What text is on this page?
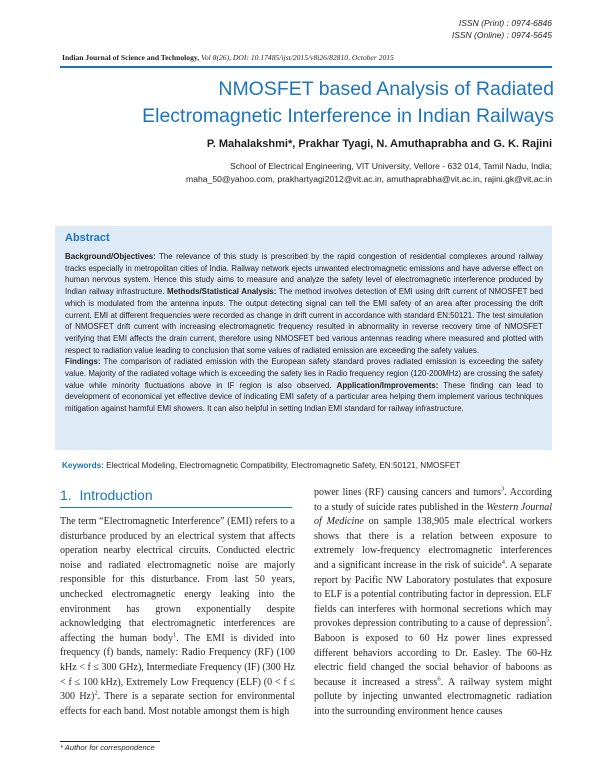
ISSN (Print) : 0974-6846
ISSN (Online) : 0974-5645
Indian Journal of Science and Technology, Vol 8(26), DOI: 10.17485/ijst/2015/v8i26/82810, October 2015
NMOSFET based Analysis of Radiated
Electromagnetic Interference in Indian Railways
P. Mahalakshmi*, Prakhar Tyagi, N. Amuthaprabha and G. K. Rajini
School of Electrical Engineering, VIT University, Vellore - 632 014, Tamil Nadu, India;
maha_50@yahoo.com, prakhartyagi2012@vit.ac.in, amuthaprabha@vit.ac.in, rajini.gk@vit.ac.in
Abstract
Background/Objectives: The relevance of this study is prescribed by the rapid congestion of residential complexes around railway tracks especially in metropolitan cities of India. Railway network ejects unwanted electromagnetic emissions and have adverse effect on human nervous system. Hence this study aims to measure and analyze the safety level of electromagnetic interference produced by Indian railway infrastructure. Methods/Statistical Analysis: The method involves detection of EMI using drift current of NMOSFET bed which is modulated from the antenna inputs. The output detecting signal can tell the EMI safety of an area after processing the drift current. EMI at different frequencies were recorded as change in drift current in accordance with standard EN:50121. The test simulation of NMOSFET drift current with increasing electromagnetic frequency resulted in abnormality in reverse recovery time of NMOSFET verifying that EMI affects the drain current, therefore using NMOSFET bed various antennas reading where measured and plotted with respect to radiation value leading to conclusion that some values of radiated emission are exceeding the safety values.
Findings: The comparison of radiated emission with the European safety standard proves radiated emission is exceeding the safety value. Majority of the radiated voltage which is exceeding the safety lies in Radio frequency region (120-200MHz) are crossing the safety value while minority fluctuations above in IF region is also observed. Application/Improvements: These finding can lead to development of economical yet effective device of indicating EMI safety of a particular area helping them implement various techniques mitigation against harmful EMI showers. It can also helpful in setting Indian EMI standard for railway infrastructure.
Keywords: Electrical Modeling, Electromagnetic Compatibility, Electromagnetic Safety, EN:50121, NMOSFET
1. Introduction
The term “Electromagnetic Interference” (EMI) refers to a disturbance produced by an electrical system that affects operation nearby electrical circuits. Conducted electric noise and radiated electromagnetic noise are majorly responsible for this disturbance. From last 50 years, unchecked electromagnetic energy leaking into the environment has grown exponentially despite acknowledging that electromagnetic interferences are affecting the human body$^1$. The EMI is divided into frequency (f) bands, namely: Radio Frequency (RF) (100 kHz < f ≤ 300 GHz), Intermediate Frequency (IF) (300 Hz < f ≤ 100 kHz), Extremely Low Frequency (ELF) (0 < f ≤ 300 Hz)$^2$. There is a separate section for environmental effects for each band. Most notable amongst them is high
power lines (RF) causing cancers and tumors$^3$. According to a study of suicide rates published in the Western Journal of Medicine on sample 138,905 male electrical workers shows that there is a relation between exposure to extremely low-frequency electromagnetic interferences and a significant increase in the risk of suicide$^4$. A separate report by Pacific NW Laboratory postulates that exposure to ELF is a potential contributing factor in depression. ELF fields can interferes with hormonal secretions which may provokes depression contributing to a cause of depression$^5$. Baboon is exposed to 60 Hz power lines expressed different behaviors according to Dr. Easley. The 60-Hz electric field changed the social behavior of baboons as because it increased a stress$^6$. A railway system might pollute by injecting unwanted electromagnetic radiation into the surrounding environment hence causes
* Author for correspondence
